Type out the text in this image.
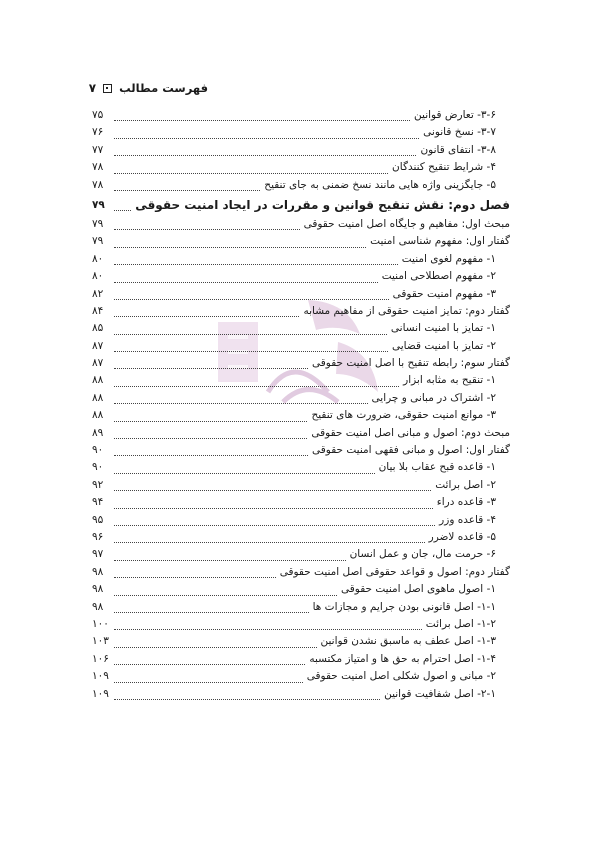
فهرست مطالب
۷
۳-۶- تعارض قوانین
۷۵
۳-۷- نسخ قانونی
۷۶
۳-۸- انتفای قانون
۷۷
۴- شرایط تنقیح کنندگان
۷۸
۵- جایگزینی واژه هایی مانند نسخ ضمنی به جای تنقیح
۷۸
فصل دوم: نقش تنقیح قوانین و مقررات در ایجاد امنیت حقوقی
۷۹
مبحث اول: مفاهیم و جایگاه اصل امنیت حقوقی
۷۹
گفتار اول: مفهوم شناسی امنیت
۷۹
۱- مفهوم لغوی امنیت
۸۰
۲- مفهوم اصطلاحی امنیت
۸۰
۳- مفهوم امنیت حقوقی
۸۲
گفتار دوم: تمایز امنیت حقوقی از مفاهیم مشابه
۸۴
۱- تمایز با امنیت انسانی
۸۵
۲- تمایز با امنیت قضایی
۸۷
گفتار سوم: رابطه تنقیح با اصل امنیت حقوقی
۸۷
۱- تنقیح به مثابه ابزار
۸۸
۲- اشتراک در مبانی و چرایی
۸۸
۳- موانع امنیت حقوقی، ضرورت های تنقیح
۸۸
مبحث دوم: اصول و مبانی اصل امنیت حقوقی
۸۹
گفتار اول: اصول و مبانی فقهی امنیت حقوقی
۹۰
۱- قاعده قبح عقاب بلا بیان
۹۰
۲- اصل برائت
۹۲
۳- قاعده دراء
۹۴
۴- قاعده وزر
۹۵
۵- قاعده لاضرر
۹۶
۶- حرمت مال، جان و عمل انسان
۹۷
گفتار دوم: اصول و قواعد حقوقی اصل امنیت حقوقی
۹۸
۱- اصول ماهوی اصل امنیت حقوقی
۹۸
۱-۱- اصل قانونی بودن جرایم و مجازات ها
۹۸
۱-۲- اصل برائت
۱۰۰
۱-۳- اصل عطف به ماسبق نشدن قوانین
۱۰۳
۱-۴- اصل احترام به حق ها و امتیاز مکتسبه
۱۰۶
۲- مبانی و اصول شکلی اصل امنیت حقوقی
۱۰۹
۲-۱- اصل شفافیت قوانین
۱۰۹
